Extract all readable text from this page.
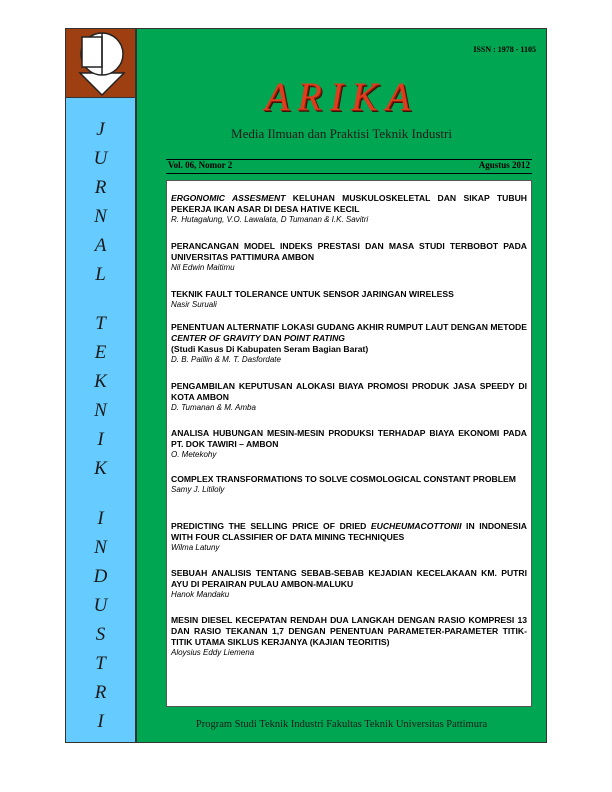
J
U
R
N
A
L
T
E
K
N
I
K
I
N
D
U
S
T
R
I
ISSN : 1978 - 1105
ARIKA
Media Ilmuan dan Praktisi Teknik Industri
Vol. 06, Nomor 2	Agustus 2012
ERGONOMIC ASSESMENT KELUHAN MUSKULOSKELETAL DAN SIKAP TUBUH PEKERJA IKAN ASAR DI DESA HATIVE KECIL
R. Hutagalung, V.O. Lawalata, D Tumanan & I.K. Savitri
PERANCANGAN MODEL INDEKS PRESTASI DAN MASA STUDI TERBOBOT PADA UNIVERSITAS PATTIMURA AMBON
Nil Edwin Maitimu
TEKNIK FAULT TOLERANCE UNTUK SENSOR JARINGAN WIRELESS
Nasir Suruali
PENENTUAN ALTERNATIF LOKASI GUDANG AKHIR RUMPUT LAUT DENGAN METODE CENTER OF GRAVITY DAN POINT RATING
(Studi Kasus Di Kabupaten Seram Bagian Barat)
D. B. Paillin & M. T. Dasfordate
PENGAMBILAN KEPUTUSAN ALOKASI BIAYA PROMOSI PRODUK JASA SPEEDY DI KOTA AMBON
D. Tumanan & M. Amba
ANALISA HUBUNGAN MESIN-MESIN PRODUKSI TERHADAP BIAYA EKONOMI PADA PT. DOK TAWIRI – AMBON
O. Metekohy
COMPLEX TRANSFORMATIONS TO SOLVE COSMOLOGICAL CONSTANT PROBLEM
Samy J. Litiloly
PREDICTING THE SELLING PRICE OF DRIED EUCHEUMACOTTONII IN INDONESIA WITH FOUR CLASSIFIER OF DATA MINING TECHNIQUES
Wilma Latuny
SEBUAH ANALISIS TENTANG SEBAB-SEBAB KEJADIAN KECELAKAAN KM. PUTRI AYU DI PERAIRAN PULAU AMBON-MALUKU
Hanok Mandaku
MESIN DIESEL KECEPATAN RENDAH DUA LANGKAH DENGAN RASIO KOMPRESI 13 DAN RASIO TEKANAN 1,7 DENGAN PENENTUAN PARAMETER-PARAMETER TITIK-TITIK UTAMA SIKLUS KERJANYA (KAJIAN TEORITIS)
Aloysius Eddy Liemena
Program Studi Teknik Industri Fakultas Teknik Universitas Pattimura
